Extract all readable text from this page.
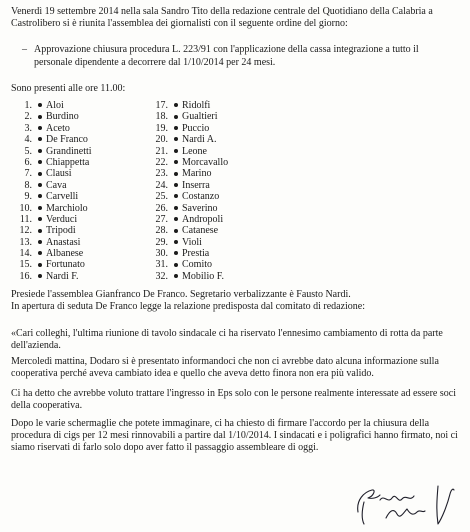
Venerdì 19 settembre 2014 nella sala Sandro Tito della redazione centrale del Quotidiano della Calabria a Castrolibero si è riunita l'assemblea dei giornalisti con il seguente ordine del giorno:

– Approvazione chiusura procedura L. 223/91 con l'applicazione della cassa integrazione a tutto il personale dipendente a decorrere dal 1/10/2014 per 24 mesi.

Sono presenti alle ore 11.00:

1. Aloi
2. Burdino
3. Aceto
4. De Franco
5. Grandinetti
6. Chiappetta
7. Clausi
8. Cava
9. Carvelli
10. Marchiolo
11. Verduci
12. Tripodi
13. Anastasi
14. Albanese
15. Fortunato
16. Nardi F.
17. Ridolfi
18. Gualtieri
19. Puccio
20. Nardi A.
21. Leone
22. Morcavallo
23. Marino
24. Inserra
25. Costanzo
26. Saverino
27. Andropoli
28. Catanese
29. Violi
30. Prestia
31. Comito
32. Mobilio F.

Presiede l'assemblea Gianfranco De Franco. Segretario verbalizzante è Fausto Nardi.

In apertura di seduta De Franco legge la relazione predisposta dal comitato di redazione:

«Cari colleghi, l'ultima riunione di tavolo sindacale ci ha riservato l'ennesimo cambiamento di rotta da parte dell'azienda.

Mercoledì mattina, Dodaro si è presentato informandoci che non ci avrebbe dato alcuna informazione sulla cooperativa perché aveva cambiato idea e quello che aveva detto finora non era più valido.

Ci ha detto che avrebbe voluto trattare l'ingresso in Eps solo con le persone realmente interessate ad essere soci della cooperativa.

Dopo le varie schermaglie che potete immaginare, ci ha chiesto di firmare l'accordo per la chiusura della procedura di cigs per 12 mesi rinnovabili a partire dal 1/10/2014. I sindacati e i poligrafici hanno firmato, noi ci siamo riservati di farlo solo dopo aver fatto il passaggio assembleare di oggi.
